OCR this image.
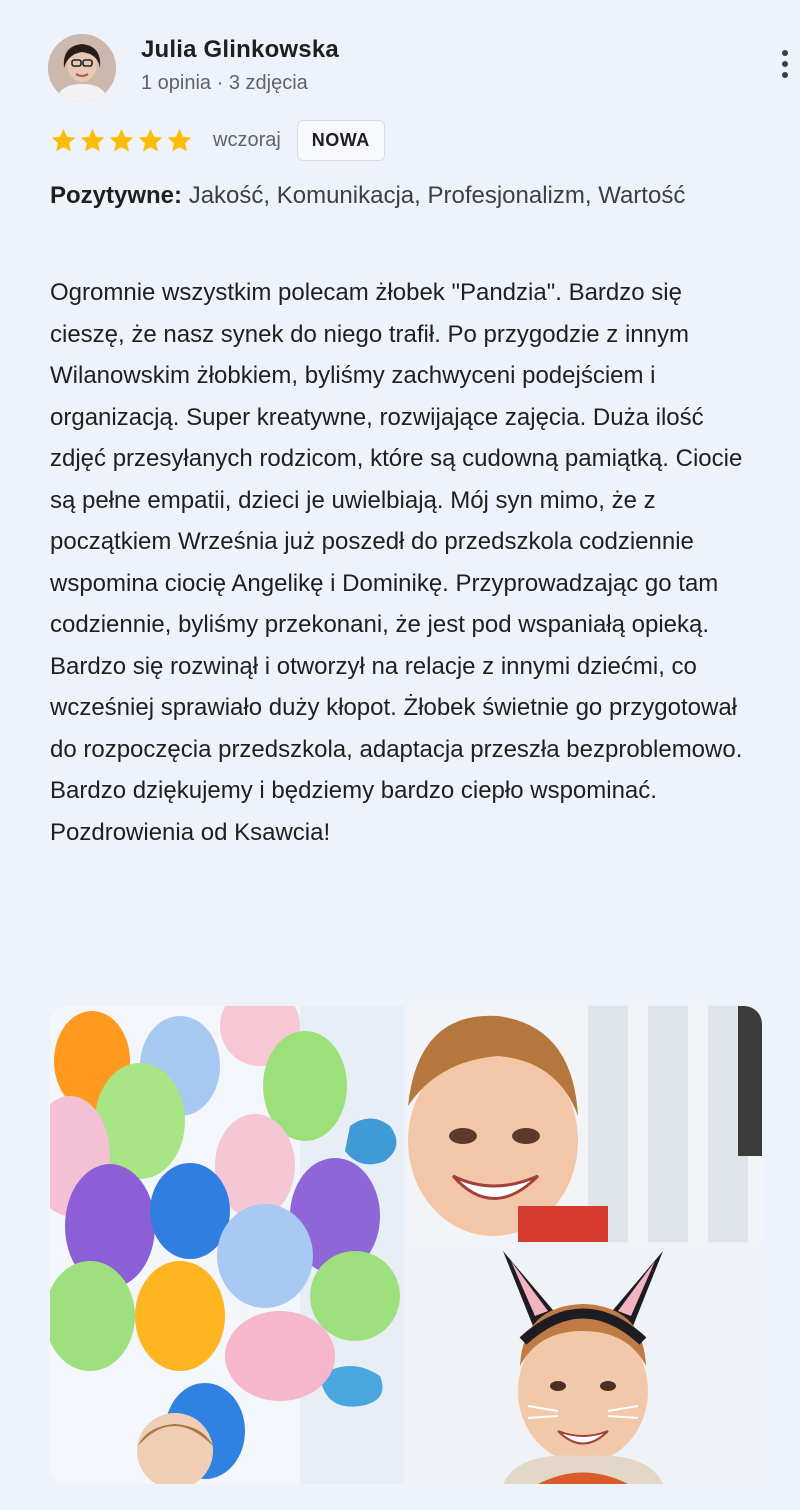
Julia Glinkowska
1 opinia · 3 zdjęcia
wczoraj	NOWA
Pozytywne: Jakość, Komunikacja, Profesjonalizm, Wartość
Ogromnie wszystkim polecam żłobek "Pandzia". Bardzo się cieszę, że nasz synek do niego trafił. Po przygodzie z innym Wilanowskim żłobkiem, byliśmy zachwyceni podejściem i organizacją. Super kreatywne, rozwijające zajęcia. Duża ilość zdjęć przesyłanych rodzicom, które są cudowną pamiątką. Ciocie są pełne empatii, dzieci je uwielbiają. Mój syn mimo, że z początkiem Września już poszedł do przedszkola codziennie wspomina ciocię Angelikę i Dominikę. Przyprowadzając go tam codziennie, byliśmy przekonani, że jest pod wspaniałą opieką. Bardzo się rozwinął i otworzył na relacje z innymi dziećmi, co wcześniej sprawiało duży kłopot. Żłobek świetnie go przygotował do rozpoczęcia przedszkola, adaptacja przeszła bezproblemowo. Bardzo dziękujemy i będziemy bardzo ciepło wspominać. Pozdrowienia od Ksawcia!
